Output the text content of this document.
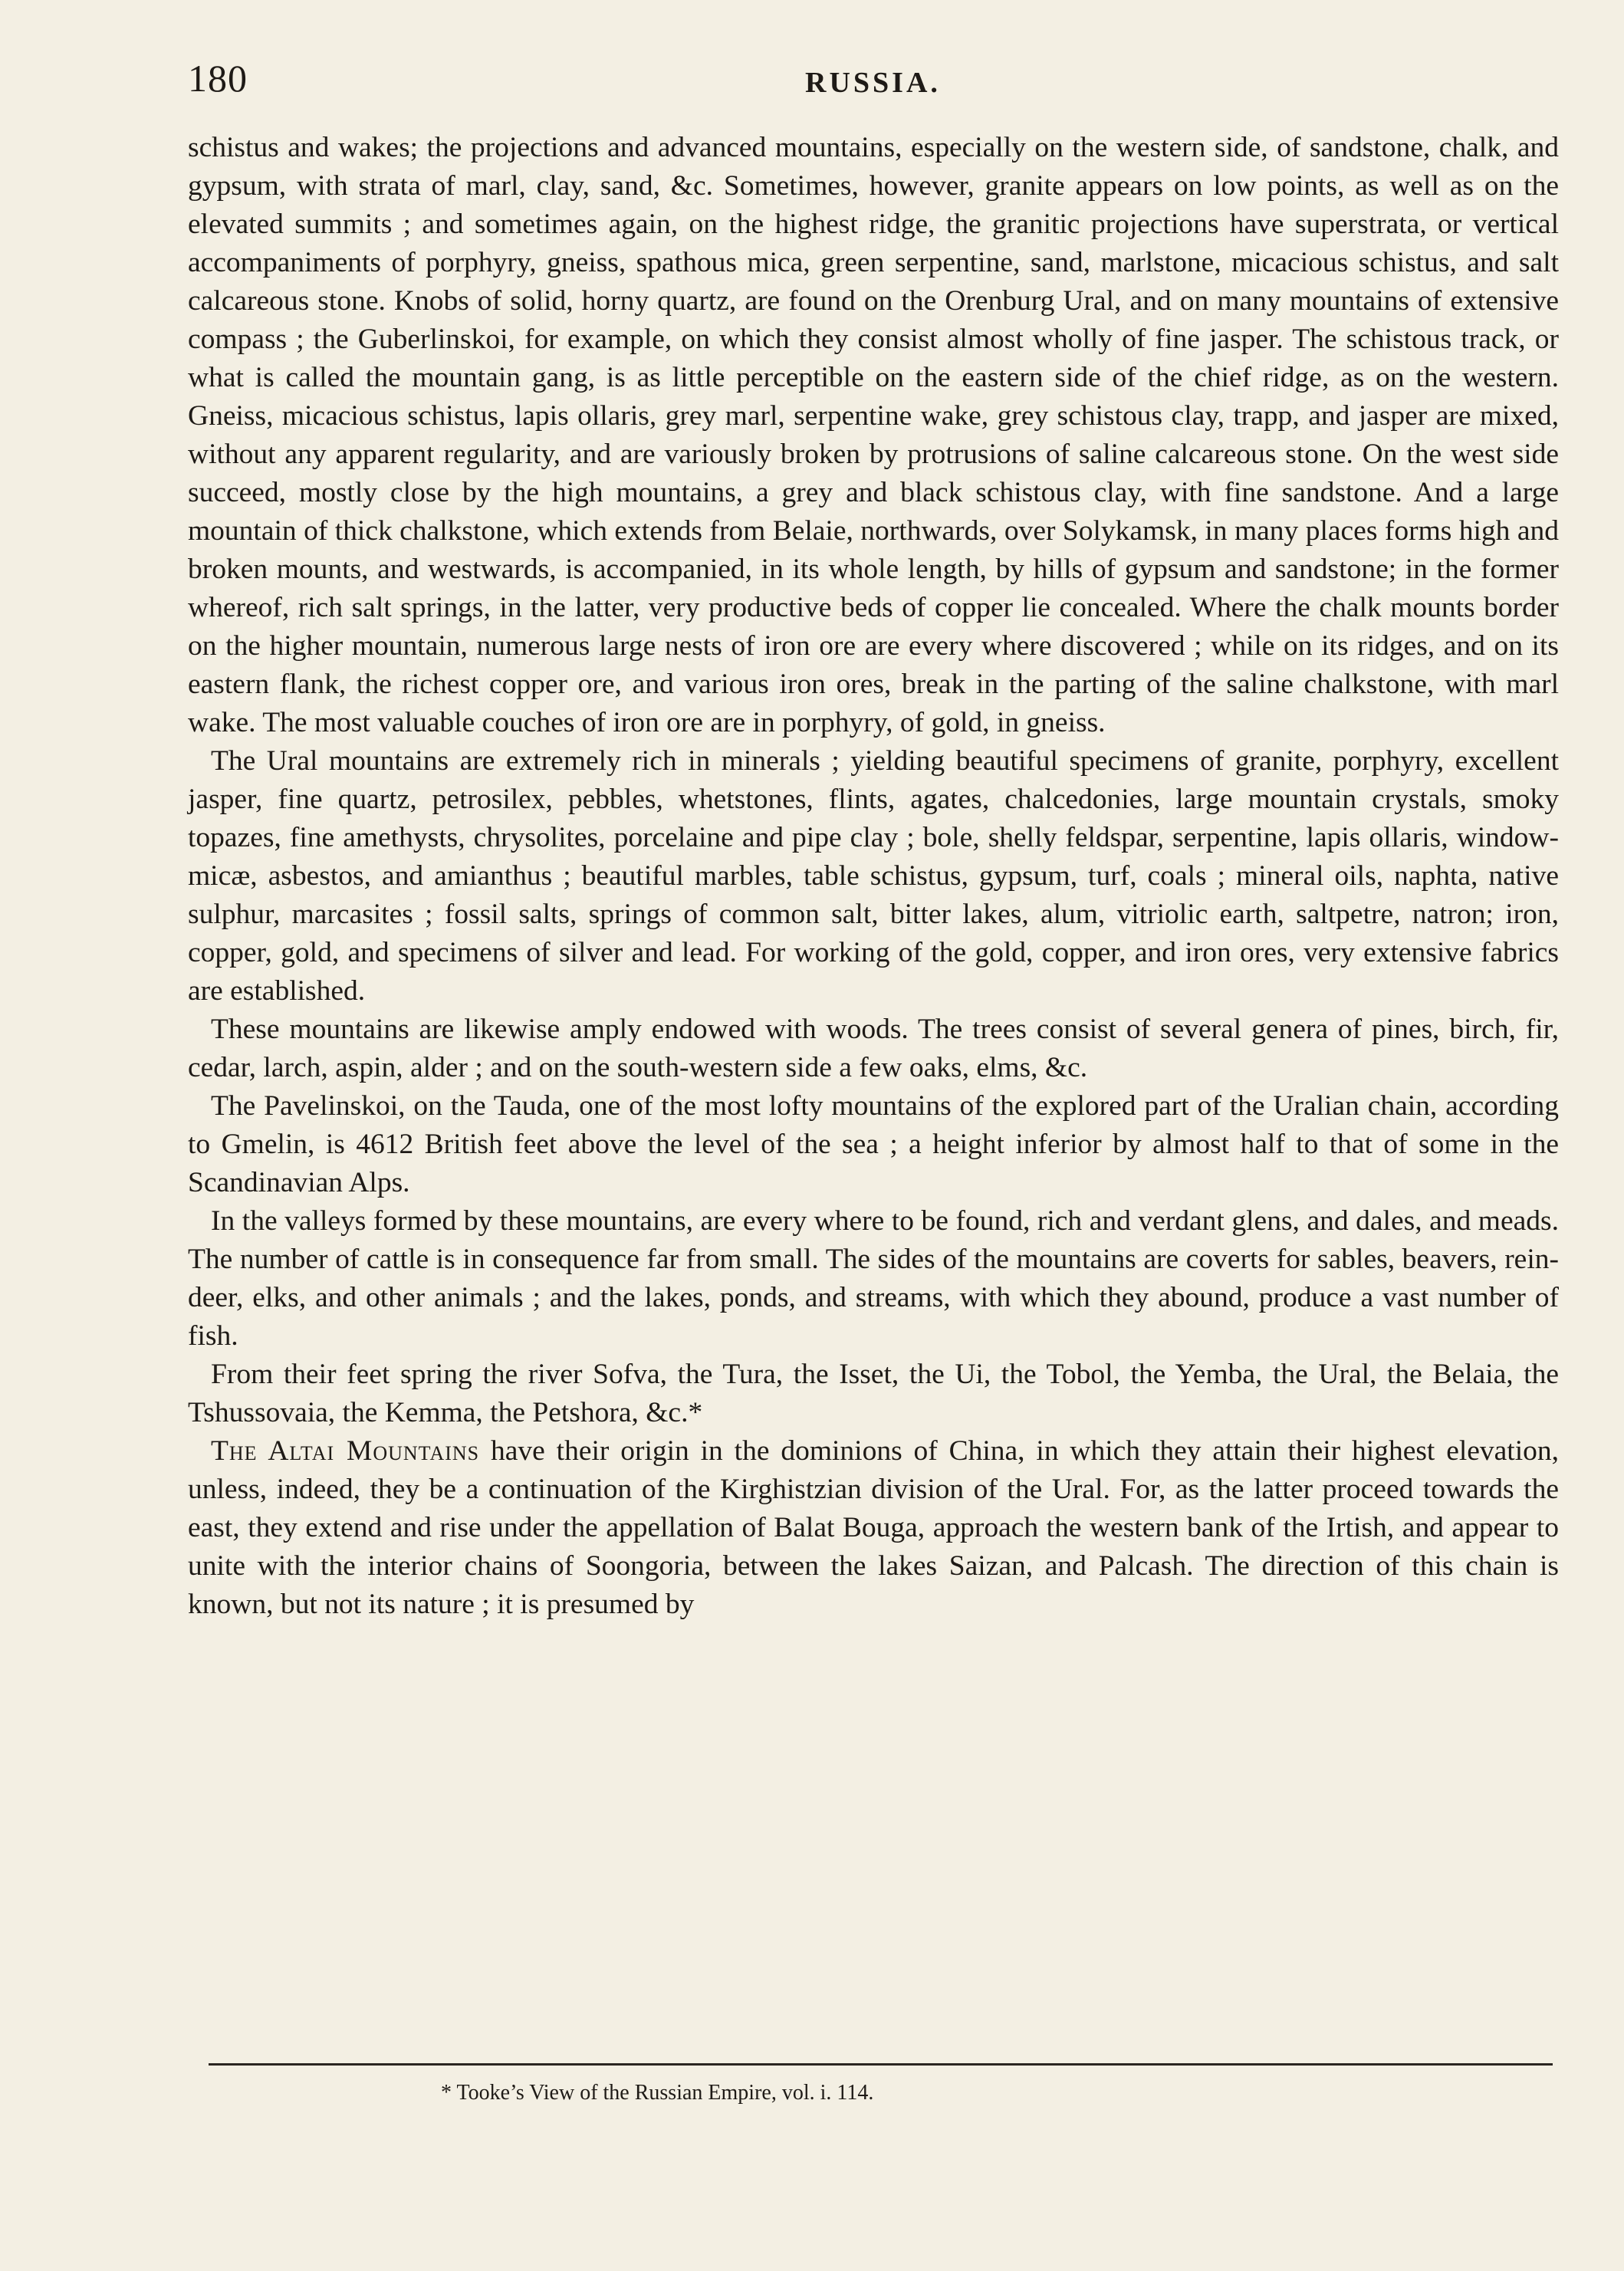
180	RUSSIA.

schistus and wakes; the projections and advanced mountains, especially on the western side, of sandstone, chalk, and gypsum, with strata of marl, clay, sand, &c. Sometimes, however, granite appears on low points, as well as on the elevated summits ; and sometimes again, on the highest ridge, the granitic projections have superstrata, or vertical accompaniments of porphyry, gneiss, spathous mica, green serpentine, sand, marlstone, micacious schistus, and salt calcareous stone. Knobs of solid, horny quartz, are found on the Orenburg Ural, and on many mountains of extensive compass ; the Guberlinskoi, for example, on which they consist almost wholly of fine jasper. The schistous track, or what is called the mountain gang, is as little perceptible on the eastern side of the chief ridge, as on the western. Gneiss, micacious schistus, lapis ollaris, grey marl, serpentine wake, grey schistous clay, trapp, and jasper are mixed, without any apparent regularity, and are variously broken by protrusions of saline calcareous stone. On the west side succeed, mostly close by the high mountains, a grey and black schistous clay, with fine sandstone. And a large mountain of thick chalkstone, which extends from Belaie, northwards, over Solykamsk, in many places forms high and broken mounts, and westwards, is accompanied, in its whole length, by hills of gypsum and sandstone; in the former whereof, rich salt springs, in the latter, very productive beds of copper lie concealed. Where the chalk mounts border on the higher mountain, numerous large nests of iron ore are every where discovered ; while on its ridges, and on its eastern flank, the richest copper ore, and various iron ores, break in the parting of the saline chalkstone, with marl wake. The most valuable couches of iron ore are in porphyry, of gold, in gneiss.

The Ural mountains are extremely rich in minerals ; yielding beautiful specimens of granite, porphyry, excellent jasper, fine quartz, petrosilex, pebbles, whetstones, flints, agates, chalcedonies, large mountain crystals, smoky topazes, fine amethysts, chrysolites, porcelaine and pipe clay ; bole, shelly feldspar, serpentine, lapis ollaris, window-micæ, asbestos, and amianthus ; beautiful marbles, table schistus, gypsum, turf, coals ; mineral oils, naphta, native sulphur, marcasites ; fossil salts, springs of common salt, bitter lakes, alum, vitriolic earth, saltpetre, natron; iron, copper, gold, and specimens of silver and lead. For working of the gold, copper, and iron ores, very extensive fabrics are established.

These mountains are likewise amply endowed with woods. The trees consist of several genera of pines, birch, fir, cedar, larch, aspin, alder ; and on the south-western side a few oaks, elms, &c.

The Pavelinskoi, on the Tauda, one of the most lofty mountains of the explored part of the Uralian chain, according to Gmelin, is 4612 British feet above the level of the sea ; a height inferior by almost half to that of some in the Scandinavian Alps.

In the valleys formed by these mountains, are every where to be found, rich and verdant glens, and dales, and meads. The number of cattle is in consequence far from small. The sides of the mountains are coverts for sables, beavers, rein-deer, elks, and other animals ; and the lakes, ponds, and streams, with which they abound, produce a vast number of fish.

From their feet spring the river Sofva, the Tura, the Isset, the Ui, the Tobol, the Yemba, the Ural, the Belaia, the Tshussovaia, the Kemma, the Petshora, &c.*

The Altai Mountains have their origin in the dominions of China, in which they attain their highest elevation, unless, indeed, they be a continuation of the Kirghistzian division of the Ural. For, as the latter proceed towards the east, they extend and rise under the appellation of Balat Bouga, approach the western bank of the Irtish, and appear to unite with the interior chains of Soongoria, between the lakes Saizan, and Palcash. The direction of this chain is known, but not its nature ; it is presumed by

* Tooke’s View of the Russian Empire, vol. i. 114.
